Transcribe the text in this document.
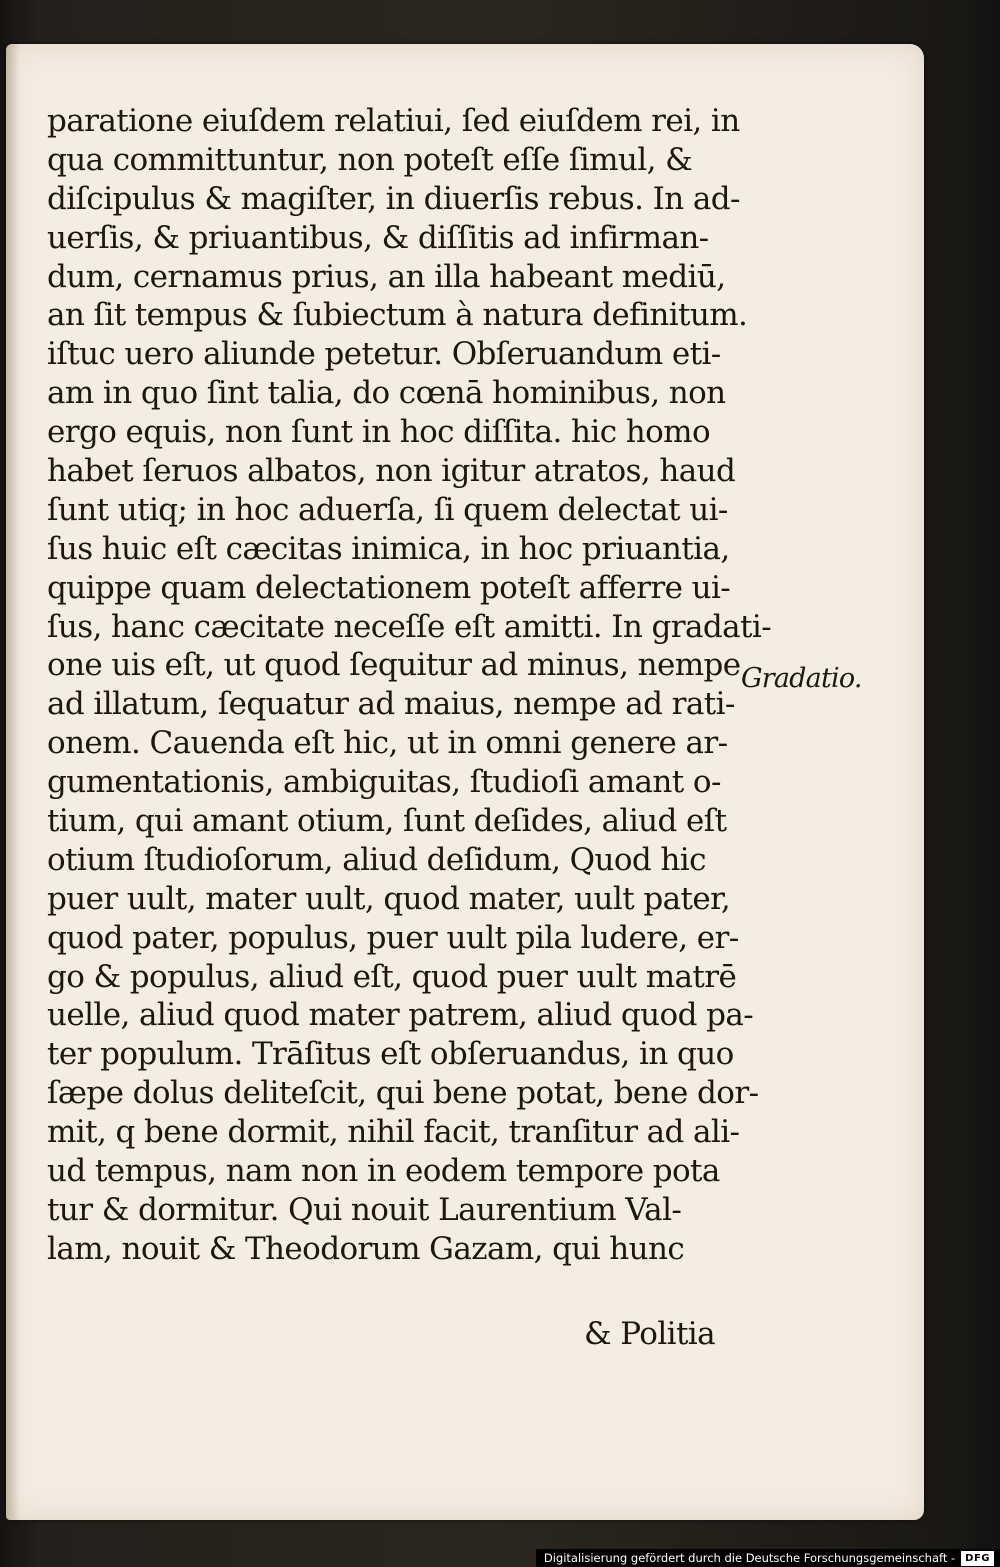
paratione eiuſdem relatiui, ſed eiuſdem rei, in
qua committuntur, non poteſt eſſe ſimul, &
diſcipulus & magiſter, in diuerſis rebus. In ad-
uerſis, & priuantibus, & diſſitis ad infirman-
dum, cernamus prius, an illa habeant mediū,
an ſit tempus & ſubiectum à natura definitum.
iſtuc uero aliunde petetur. Obſeruandum eti-
am in quo ſint talia, do cœnā hominibus, non
ergo equis, non ſunt in hoc diſſita. hic homo
habet ſeruos albatos, non igitur atratos, haud
ſunt utiq; in hoc aduerſa, ſi quem delectat ui-
ſus huic eſt cæcitas inimica, in hoc priuantia,
quippe quam delectationem poteſt afferre ui-
ſus, hanc cæcitate neceſſe eſt amitti. In gradati-
one uis eſt, ut quod ſequitur ad minus, nempe
ad illatum, ſequatur ad maius, nempe ad rati-
onem. Cauenda eſt hic, ut in omni genere ar-
gumentationis, ambiguitas, ſtudioſi amant o-
tium, qui amant otium, ſunt deſides, aliud eſt
otium ſtudioſorum, aliud deſidum, Quod hic
puer uult, mater uult, quod mater, uult pater,
quod pater, populus, puer uult pila ludere, er-
go & populus, aliud eſt, quod puer uult matrē
uelle, aliud quod mater patrem, aliud quod pa-
ter populum. Trāſitus eſt obſeruandus, in quo
ſæpe dolus deliteſcit, qui bene potat, bene dor-
mit, q bene dormit, nihil facit, tranſitur ad ali-
ud tempus, nam non in eodem tempore pota
tur & dormitur. Qui nouit Laurentium Val-
lam, nouit & Theodorum Gazam, qui hunc
& Politia
Gradatio.
Digitalisierung gefördert durch die Deutsche Forschungsgemeinschaft -	DFG
